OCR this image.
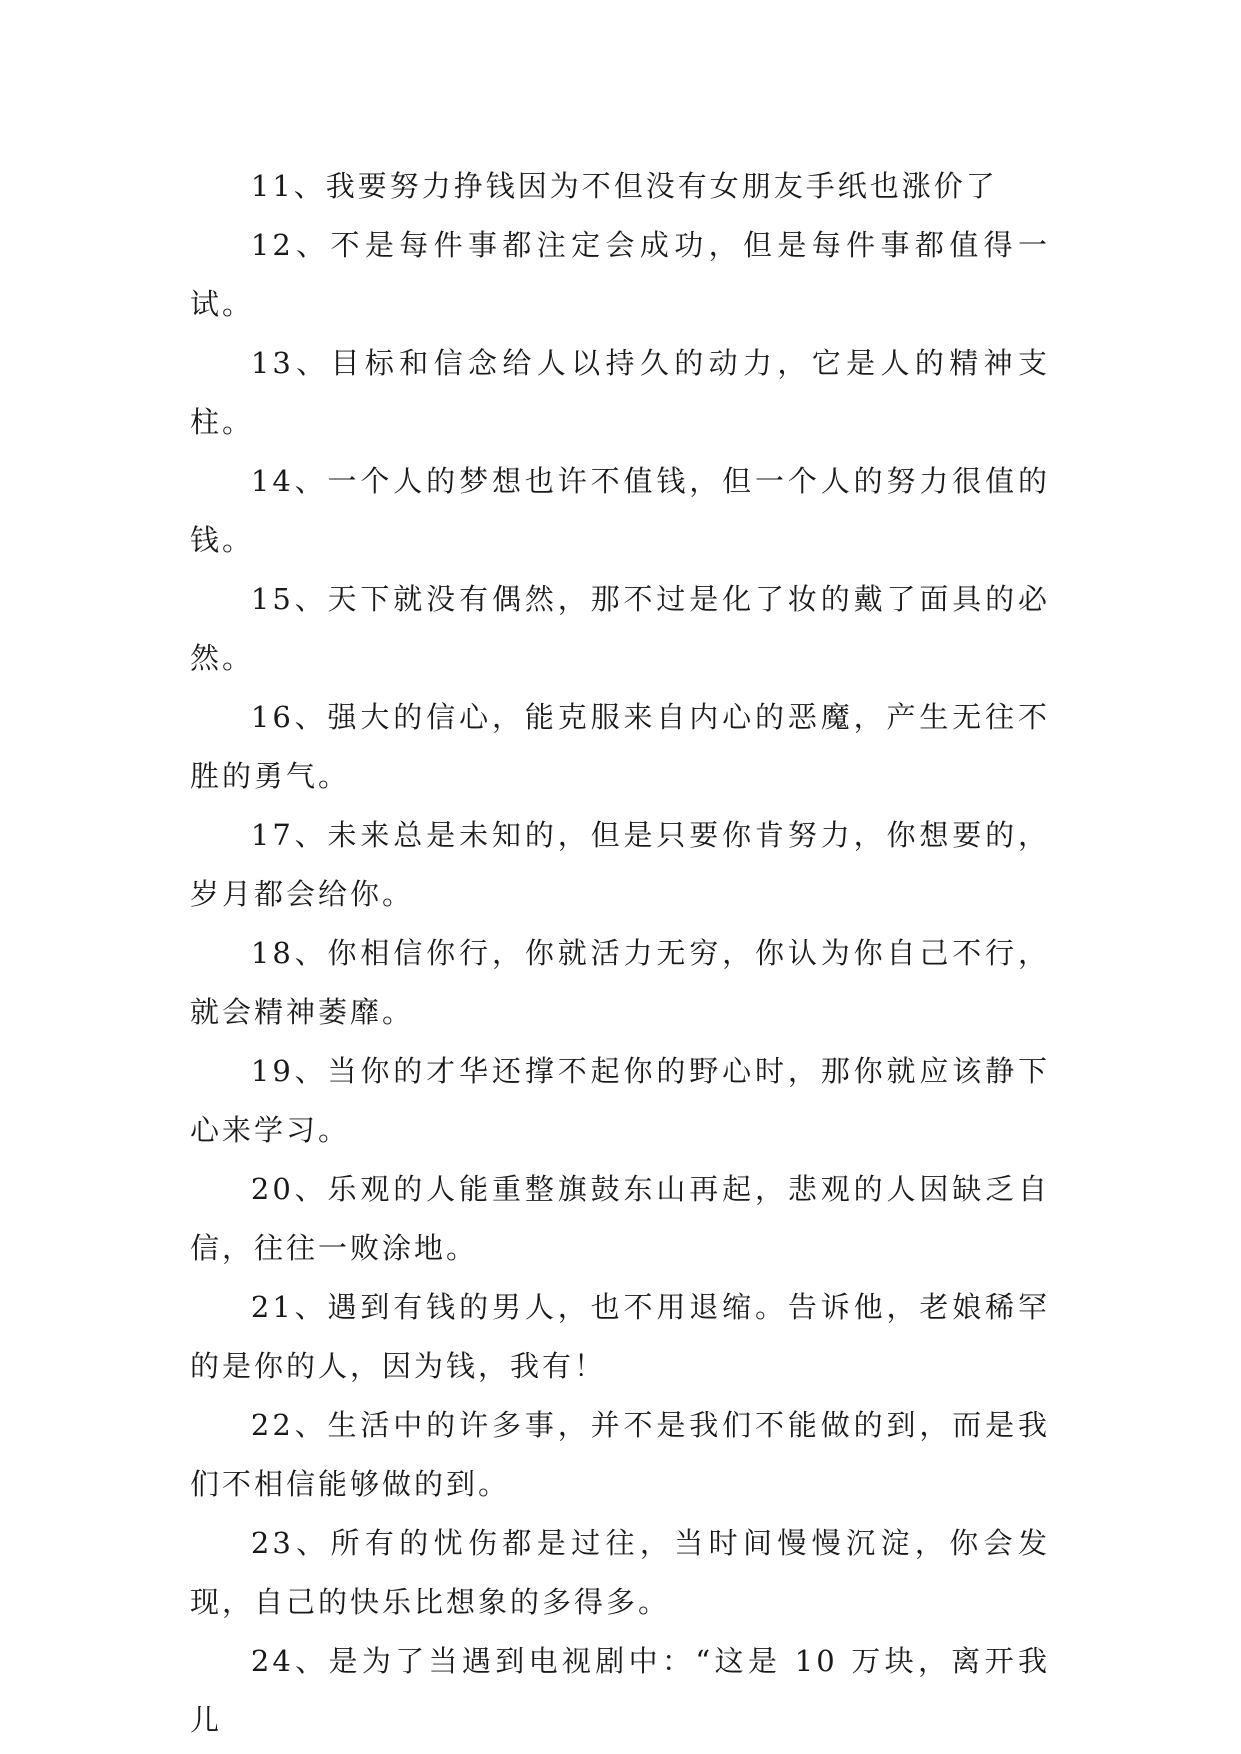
11、我要努力挣钱因为不但没有女朋友手纸也涨价了

12、不是每件事都注定会成功，但是每件事都值得一试。

13、目标和信念给人以持久的动力，它是人的精神支柱。

14、一个人的梦想也许不值钱，但一个人的努力很值的钱。

15、天下就没有偶然，那不过是化了妆的戴了面具的必然。

16、强大的信心，能克服来自内心的恶魔，产生无往不胜的勇气。

17、未来总是未知的，但是只要你肯努力，你想要的，岁月都会给你。

18、你相信你行，你就活力无穷，你认为你自己不行，就会精神萎靡。

19、当你的才华还撑不起你的野心时，那你就应该静下心来学习。

20、乐观的人能重整旗鼓东山再起，悲观的人因缺乏自信，往往一败涂地。

21、遇到有钱的男人，也不用退缩。告诉他，老娘稀罕的是你的人，因为钱，我有！

22、生活中的许多事，并不是我们不能做的到，而是我们不相信能够做的到。

23、所有的忧伤都是过往，当时间慢慢沉淀，你会发现，自己的快乐比想象的多得多。

24、是为了当遇到电视剧中：“这是 10 万块，离开我儿
